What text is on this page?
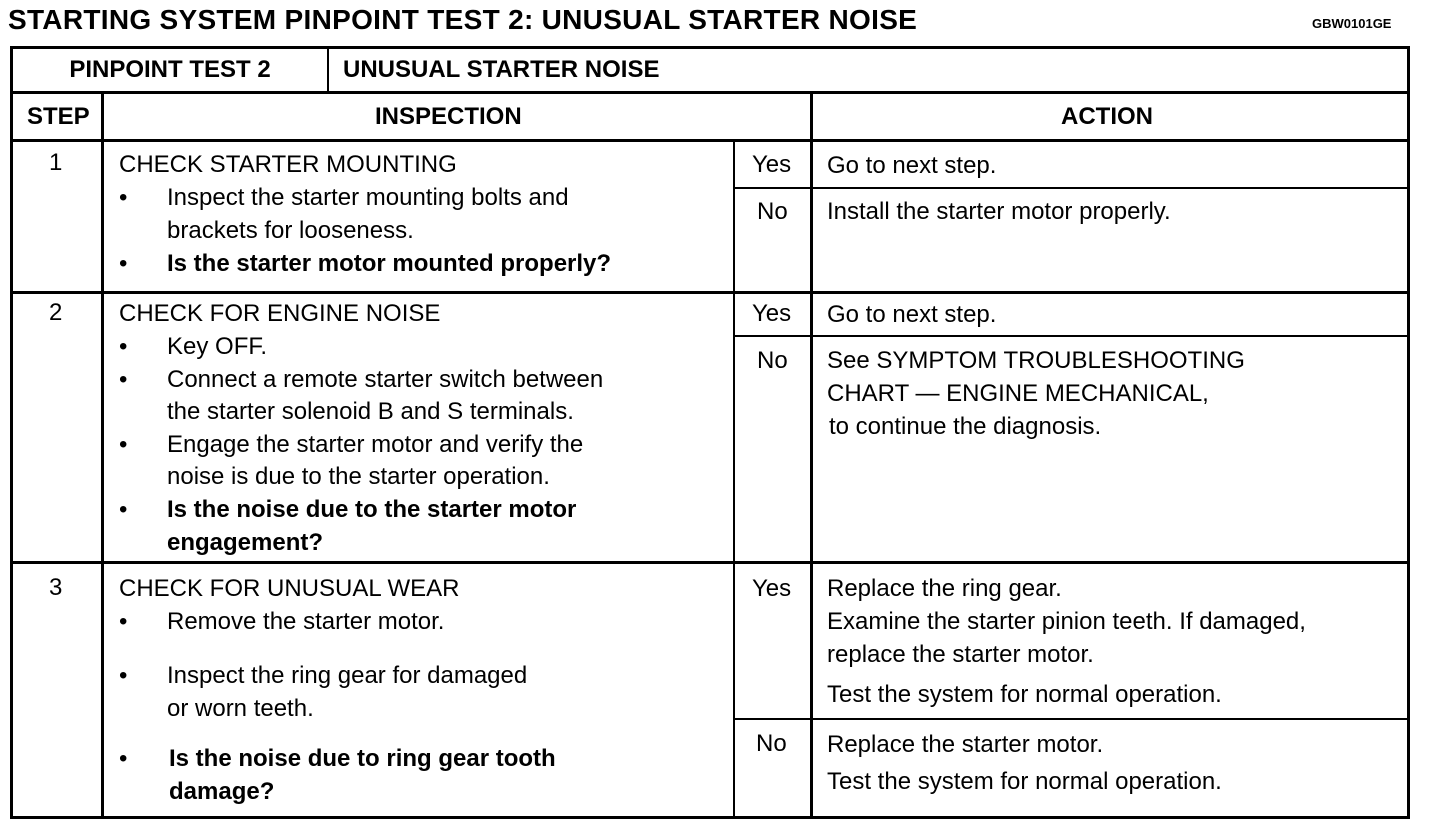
STARTING SYSTEM PINPOINT TEST 2: UNUSUAL STARTER NOISE	GBW0101GE
PINPOINT TEST 2	UNUSUAL STARTER NOISE
STEP	INSPECTION	ACTION
1 CHECK STARTER MOUNTING
• Inspect the starter mounting bolts and
brackets for looseness.
• Is the starter motor mounted properly?
Yes Go to next step.
No Install the starter motor properly.
2 CHECK FOR ENGINE NOISE
• Key OFF.
• Connect a remote starter switch between
the starter solenoid B and S terminals.
• Engage the starter motor and verify the
noise is due to the starter operation.
• Is the noise due to the starter motor
engagement?
Yes Go to next step.
No See SYMPTOM TROUBLESHOOTING
CHART — ENGINE MECHANICAL,
to continue the diagnosis.
3 CHECK FOR UNUSUAL WEAR
• Remove the starter motor.
• Inspect the ring gear for damaged
or worn teeth.
• Is the noise due to ring gear tooth
damage?
Yes Replace the ring gear.
Examine the starter pinion teeth. If damaged,
replace the starter motor.
Test the system for normal operation.
No Replace the starter motor.
Test the system for normal operation.
